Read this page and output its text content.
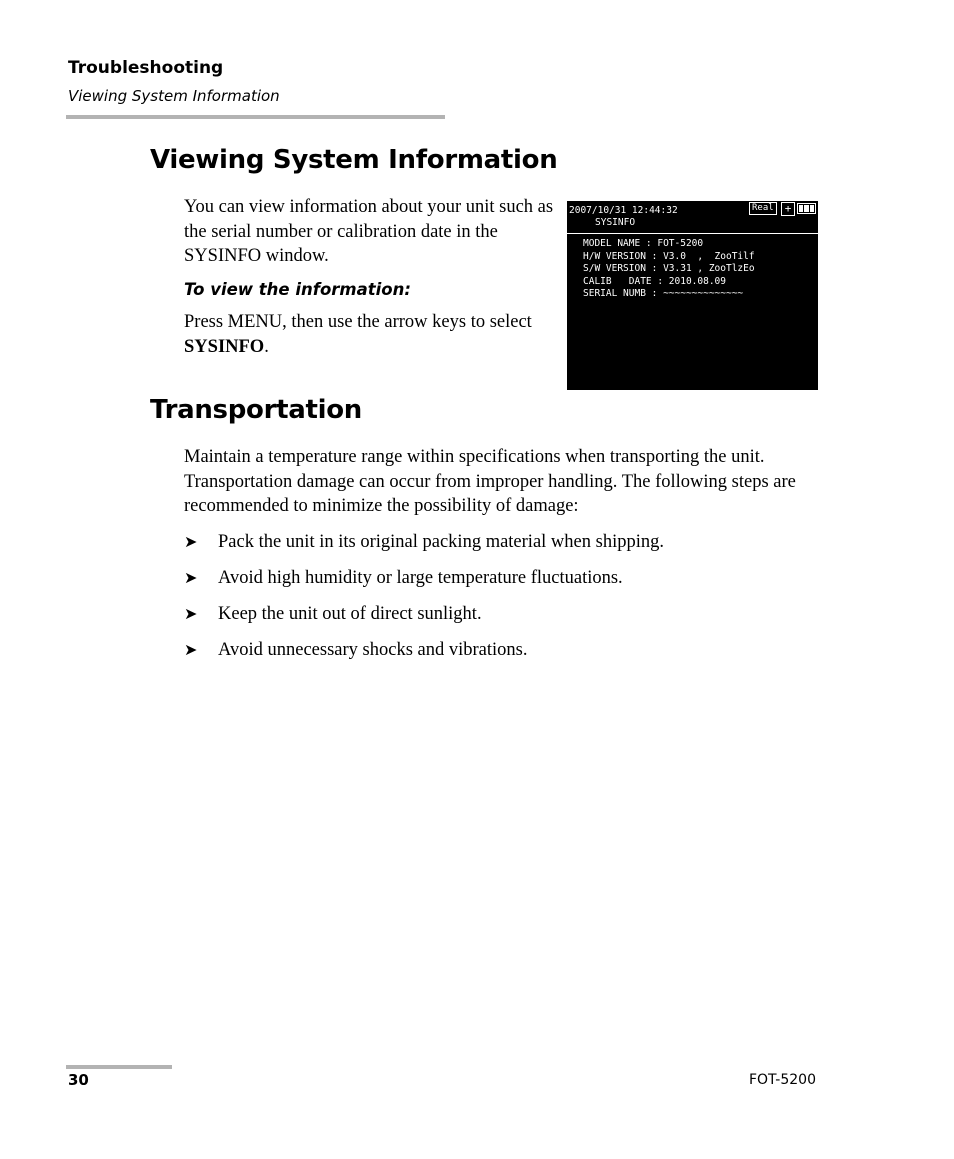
Troubleshooting
Viewing System Information
Viewing System Information

You can view information about your unit such as the serial number or calibration date in the SYSINFO window.

To view the information:

Press MENU, then use the arrow keys to select SYSINFO.

2007/10/31 12:44:32
SYSINFO
Real	+
MODEL NAME : FOT-5200
H/W VERSION : V3.0  ,  ZooTilf
S/W VERSION : V3.31 , ZooTlzEo
CALIB   DATE : 2010.08.09
SERIAL NUMB : ~~~~~~~~~~~~~~
Transportation

Maintain a temperature range within specifications when transporting the unit. Transportation damage can occur from improper handling. The following steps are recommended to minimize the possibility of damage:

➤ Pack the unit in its original packing material when shipping.
➤ Avoid high humidity or large temperature fluctuations.
➤ Keep the unit out of direct sunlight.
➤ Avoid unnecessary shocks and vibrations.
30	FOT-5200
